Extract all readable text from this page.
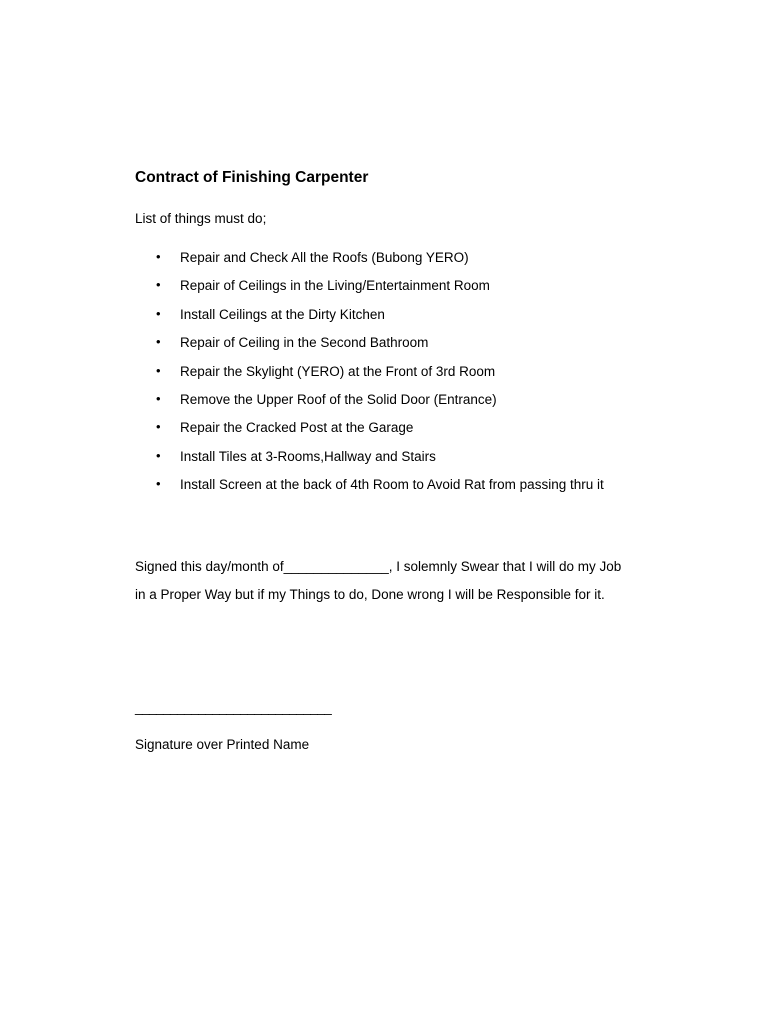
Contract of Finishing Carpenter
List of things must do;
• Repair and Check All the Roofs (Bubong YERO)
• Repair of Ceilings in the Living/Entertainment Room
• Install Ceilings at the Dirty Kitchen
• Repair of Ceiling in the Second Bathroom
• Repair the Skylight (YERO) at the Front of 3rd Room
• Remove the Upper Roof of the Solid Door (Entrance)
• Repair the Cracked Post at the Garage
• Install Tiles at 3-Rooms,Hallway and Stairs
• Install Screen at the back of 4th Room to Avoid Rat from passing thru it
Signed this day/month of______________, I solemnly Swear that I will do my Job
in a Proper Way but if my Things to do, Done wrong I will be Responsible for it.
____________________________
Signature over Printed Name
